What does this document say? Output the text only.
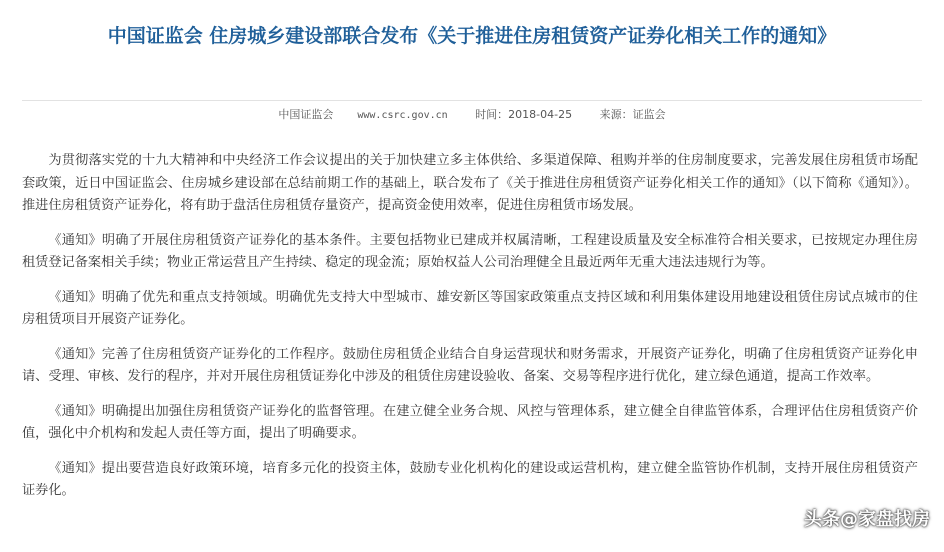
中国证监会 住房城乡建设部联合发布《关于推进住房租赁资产证券化相关工作的通知》
中国证监会 www.csrc.gov.cn	时间：2018-04-25	来源：证监会

为贯彻落实党的十九大精神和中央经济工作会议提出的关于加快建立多主体供给、多渠道保障、租购并举的住房制度要求，完善发展住房租赁市场配套政策，近日中国证监会、住房城乡建设部在总结前期工作的基础上，联合发布了《关于推进住房租赁资产证券化相关工作的通知》（以下简称《通知》）。推进住房租赁资产证券化，将有助于盘活住房租赁存量资产，提高资金使用效率，促进住房租赁市场发展。

《通知》明确了开展住房租赁资产证券化的基本条件。主要包括物业已建成并权属清晰，工程建设质量及安全标准符合相关要求，已按规定办理住房租赁登记备案相关手续；物业正常运营且产生持续、稳定的现金流；原始权益人公司治理健全且最近两年无重大违法违规行为等。

《通知》明确了优先和重点支持领域。明确优先支持大中型城市、雄安新区等国家政策重点支持区域和利用集体建设用地建设租赁住房试点城市的住房租赁项目开展资产证券化。

《通知》完善了住房租赁资产证券化的工作程序。鼓励住房租赁企业结合自身运营现状和财务需求，开展资产证券化，明确了住房租赁资产证券化申请、受理、审核、发行的程序，并对开展住房租赁证券化中涉及的租赁住房建设验收、备案、交易等程序进行优化，建立绿色通道，提高工作效率。

《通知》明确提出加强住房租赁资产证券化的监督管理。在建立健全业务合规、风控与管理体系，建立健全自律监管体系，合理评估住房租赁资产价值，强化中介机构和发起人责任等方面，提出了明确要求。

《通知》提出要营造良好政策环境，培育多元化的投资主体，鼓励专业化机构化的建设或运营机构，建立健全监管协作机制，支持开展住房租赁资产证券化。

头条@家盘找房
